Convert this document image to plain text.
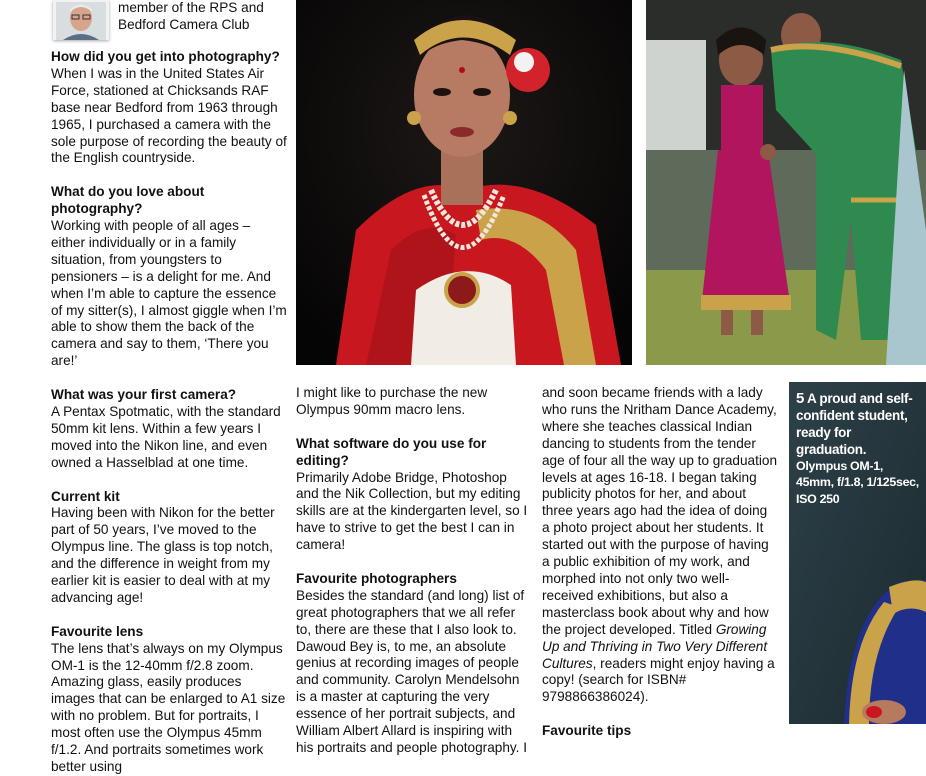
member of the RPS and
Bedford Camera Club
How did you get into photography?

When I was in the United States Air Force, stationed at Chicksands RAF base near Bedford from 1963 through 1965, I purchased a camera with the sole purpose of recording the beauty of the English countryside.

What do you love about photography?

Working with people of all ages – either individually or in a family situation, from youngsters to pensioners – is a delight for me. And when I’m able to capture the essence of my sitter(s), I almost giggle when I’m able to show them the back of the camera and say to them, ‘There you are!’

What was your first camera?

A Pentax Spotmatic, with the standard 50mm kit lens. Within a few years I moved into the Nikon line, and even owned a Hasselblad at one time.

Current kit

Having been with Nikon for the better part of 50 years, I’ve moved to the Olympus line. The glass is top notch, and the difference in weight from my earlier kit is easier to deal with at my advancing age!

Favourite lens

The lens that’s always on my Olympus OM-1 is the 12-40mm f/2.8 zoom. Amazing glass, easily produces images that can be enlarged to A1 size with no problem. But for portraits, I most often use the Olympus 45mm f/1.2. And portraits sometimes work better using

I might like to purchase the new Olympus 90mm macro lens.

What software do you use for editing?

Primarily Adobe Bridge, Photoshop and the Nik Collection, but my editing skills are at the kindergarten level, so I have to strive to get the best I can in camera!

Favourite photographers

Besides the standard (and long) list of great photographers that we all refer to, there are these that I also look to. Dawoud Bey is, to me, an absolute genius at recording images of people and community. Carolyn Mendelsohn is a master at capturing the very essence of her portrait subjects, and William Albert Allard is inspiring with his portraits and people photography. I

and soon became friends with a lady who runs the Nritham Dance Academy, where she teaches classical Indian dancing to students from the tender age of four all the way up to graduation levels at ages 16-18. I began taking publicity photos for her, and about three years ago had the idea of doing a photo project about her students. It started out with the purpose of having a public exhibition of my work, and morphed into not only two well-received exhibitions, but also a masterclass book about why and how the project developed. Titled Growing Up and Thriving in Two Very Different Cultures, readers might enjoy having a copy! (search for ISBN# 9798866386024).

Favourite tips
5 A proud and self-confident student, ready for graduation.
Olympus OM-1, 45mm, f/1.8, 1/125sec, ISO 250
